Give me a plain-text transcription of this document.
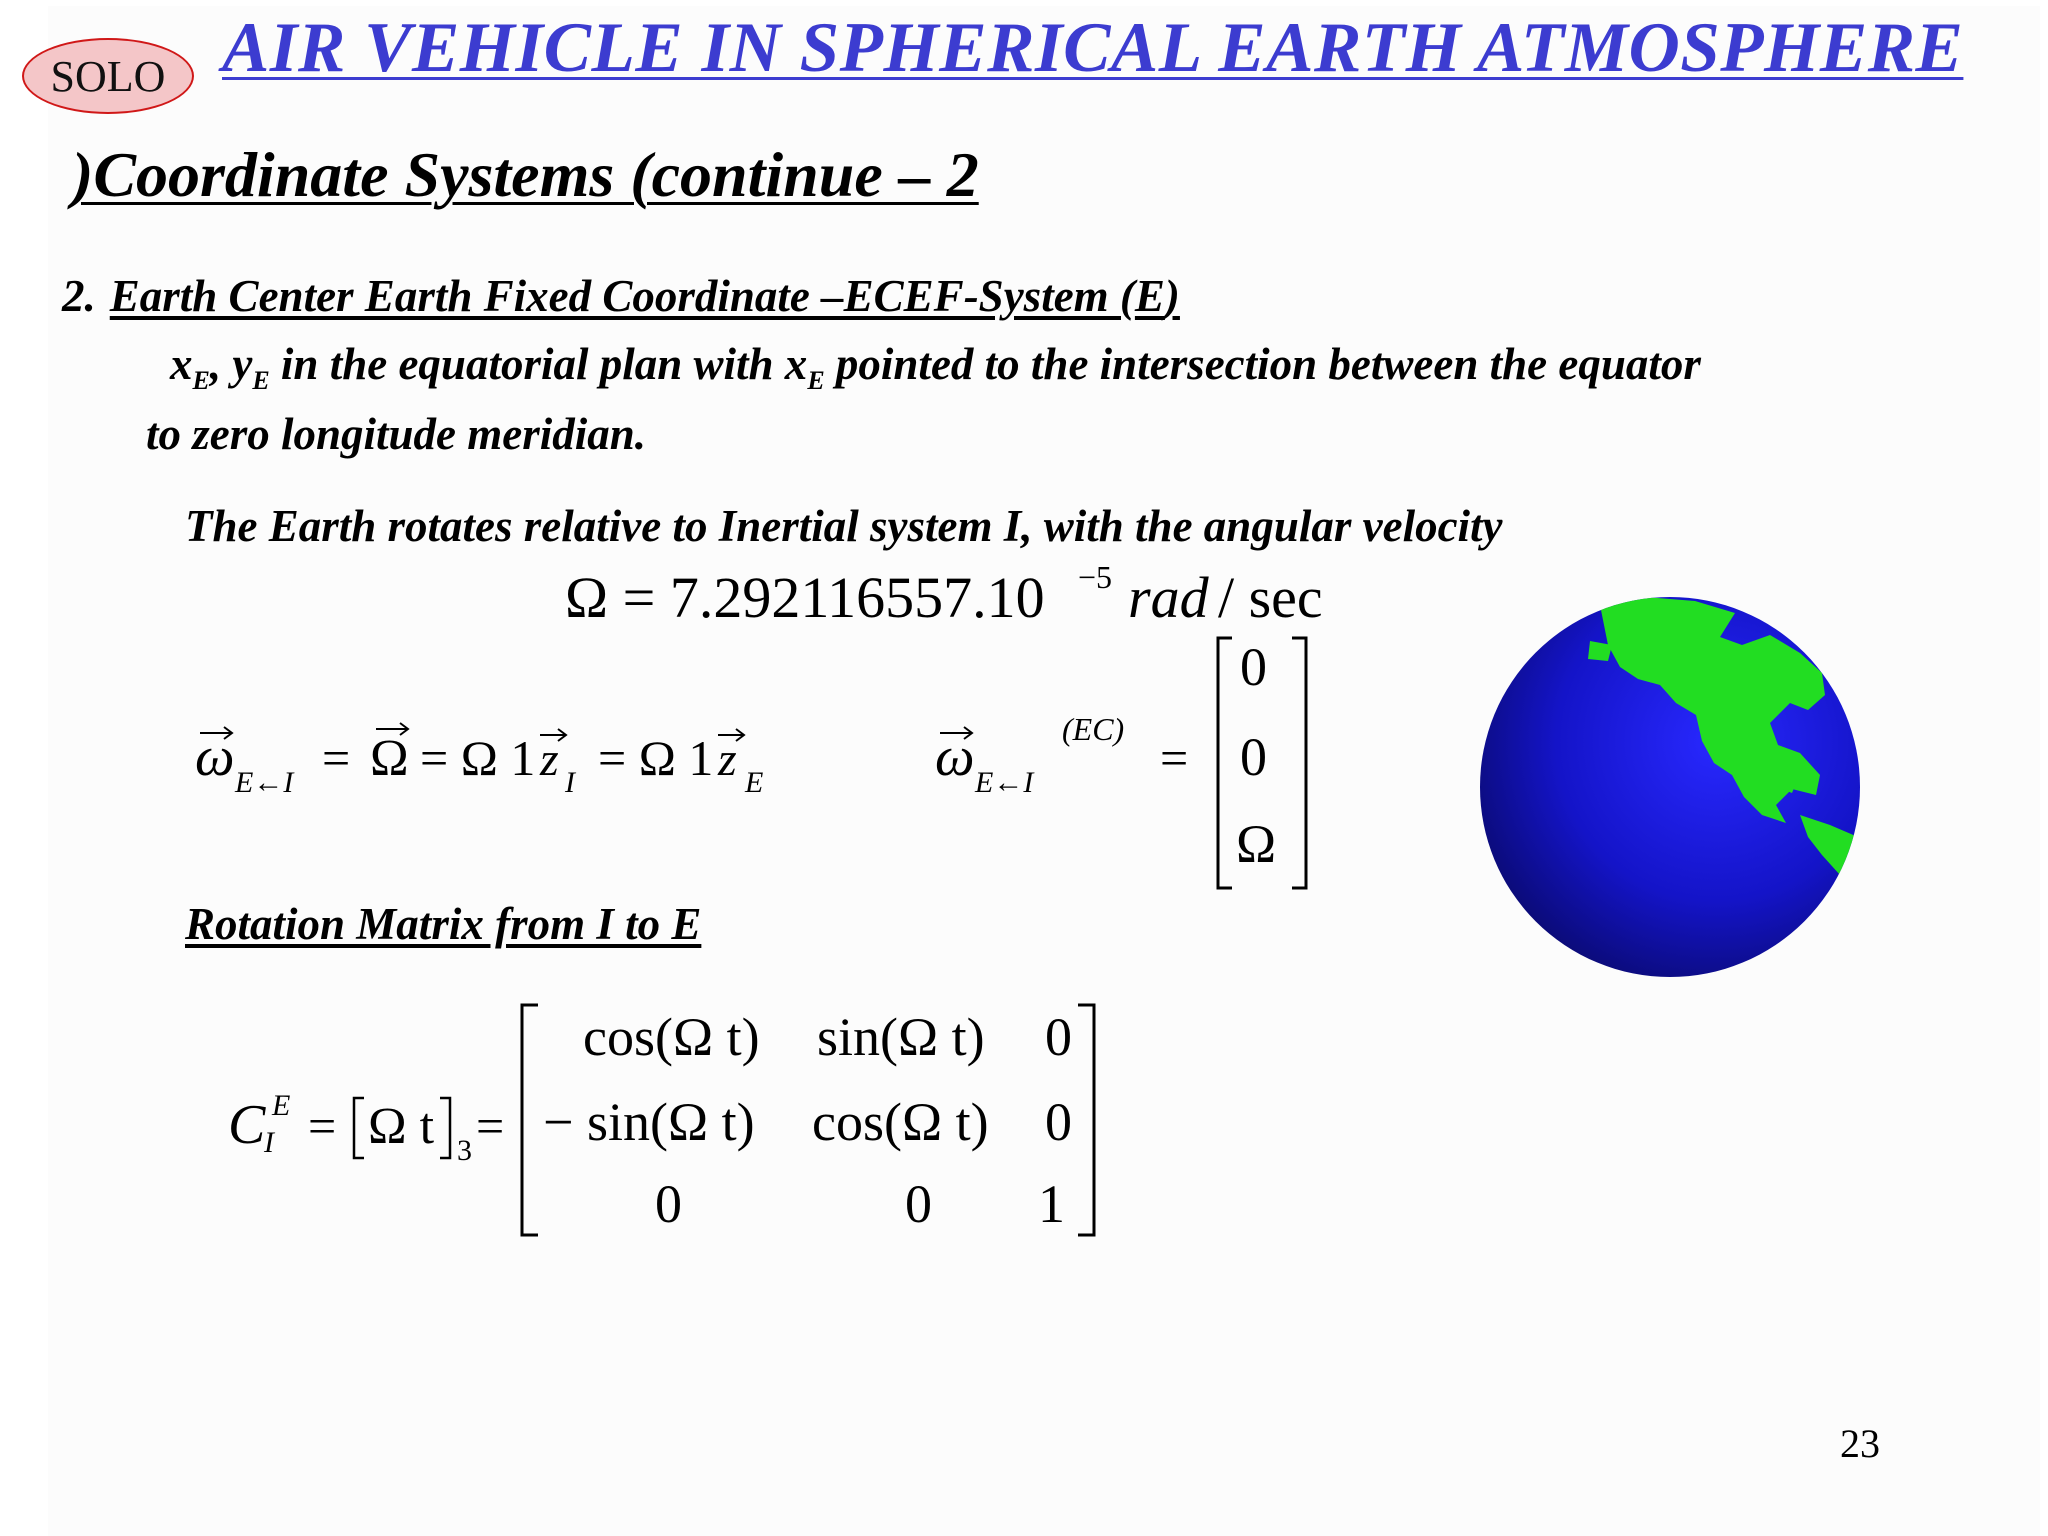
SOLO AIR VEHICLE IN SPHERICAL EARTH ATMOSPHERE
)Coordinate Systems (continue – 2
2. Earth Center Earth Fixed Coordinate –ECEF-System (E)
$x_E$, $y_E$ in the equatorial plan with $x_E$ pointed to the intersection between the equator
to zero longitude meridian.
The Earth rotates relative to Inertial system I, with the angular velocity
Rotation Matrix from I to E
Ω = 7.292116557.10 −5 rad / sec
ω E←I = Ω = Ω 1 z I = Ω 1 z E	ω E←I
(EC)
=
0
0
Ω
C E
I = Ω t 3 =
cos(Ω t) sin(Ω t) 0
− sin(Ω t) cos(Ω t) 0
0	0 1
23
